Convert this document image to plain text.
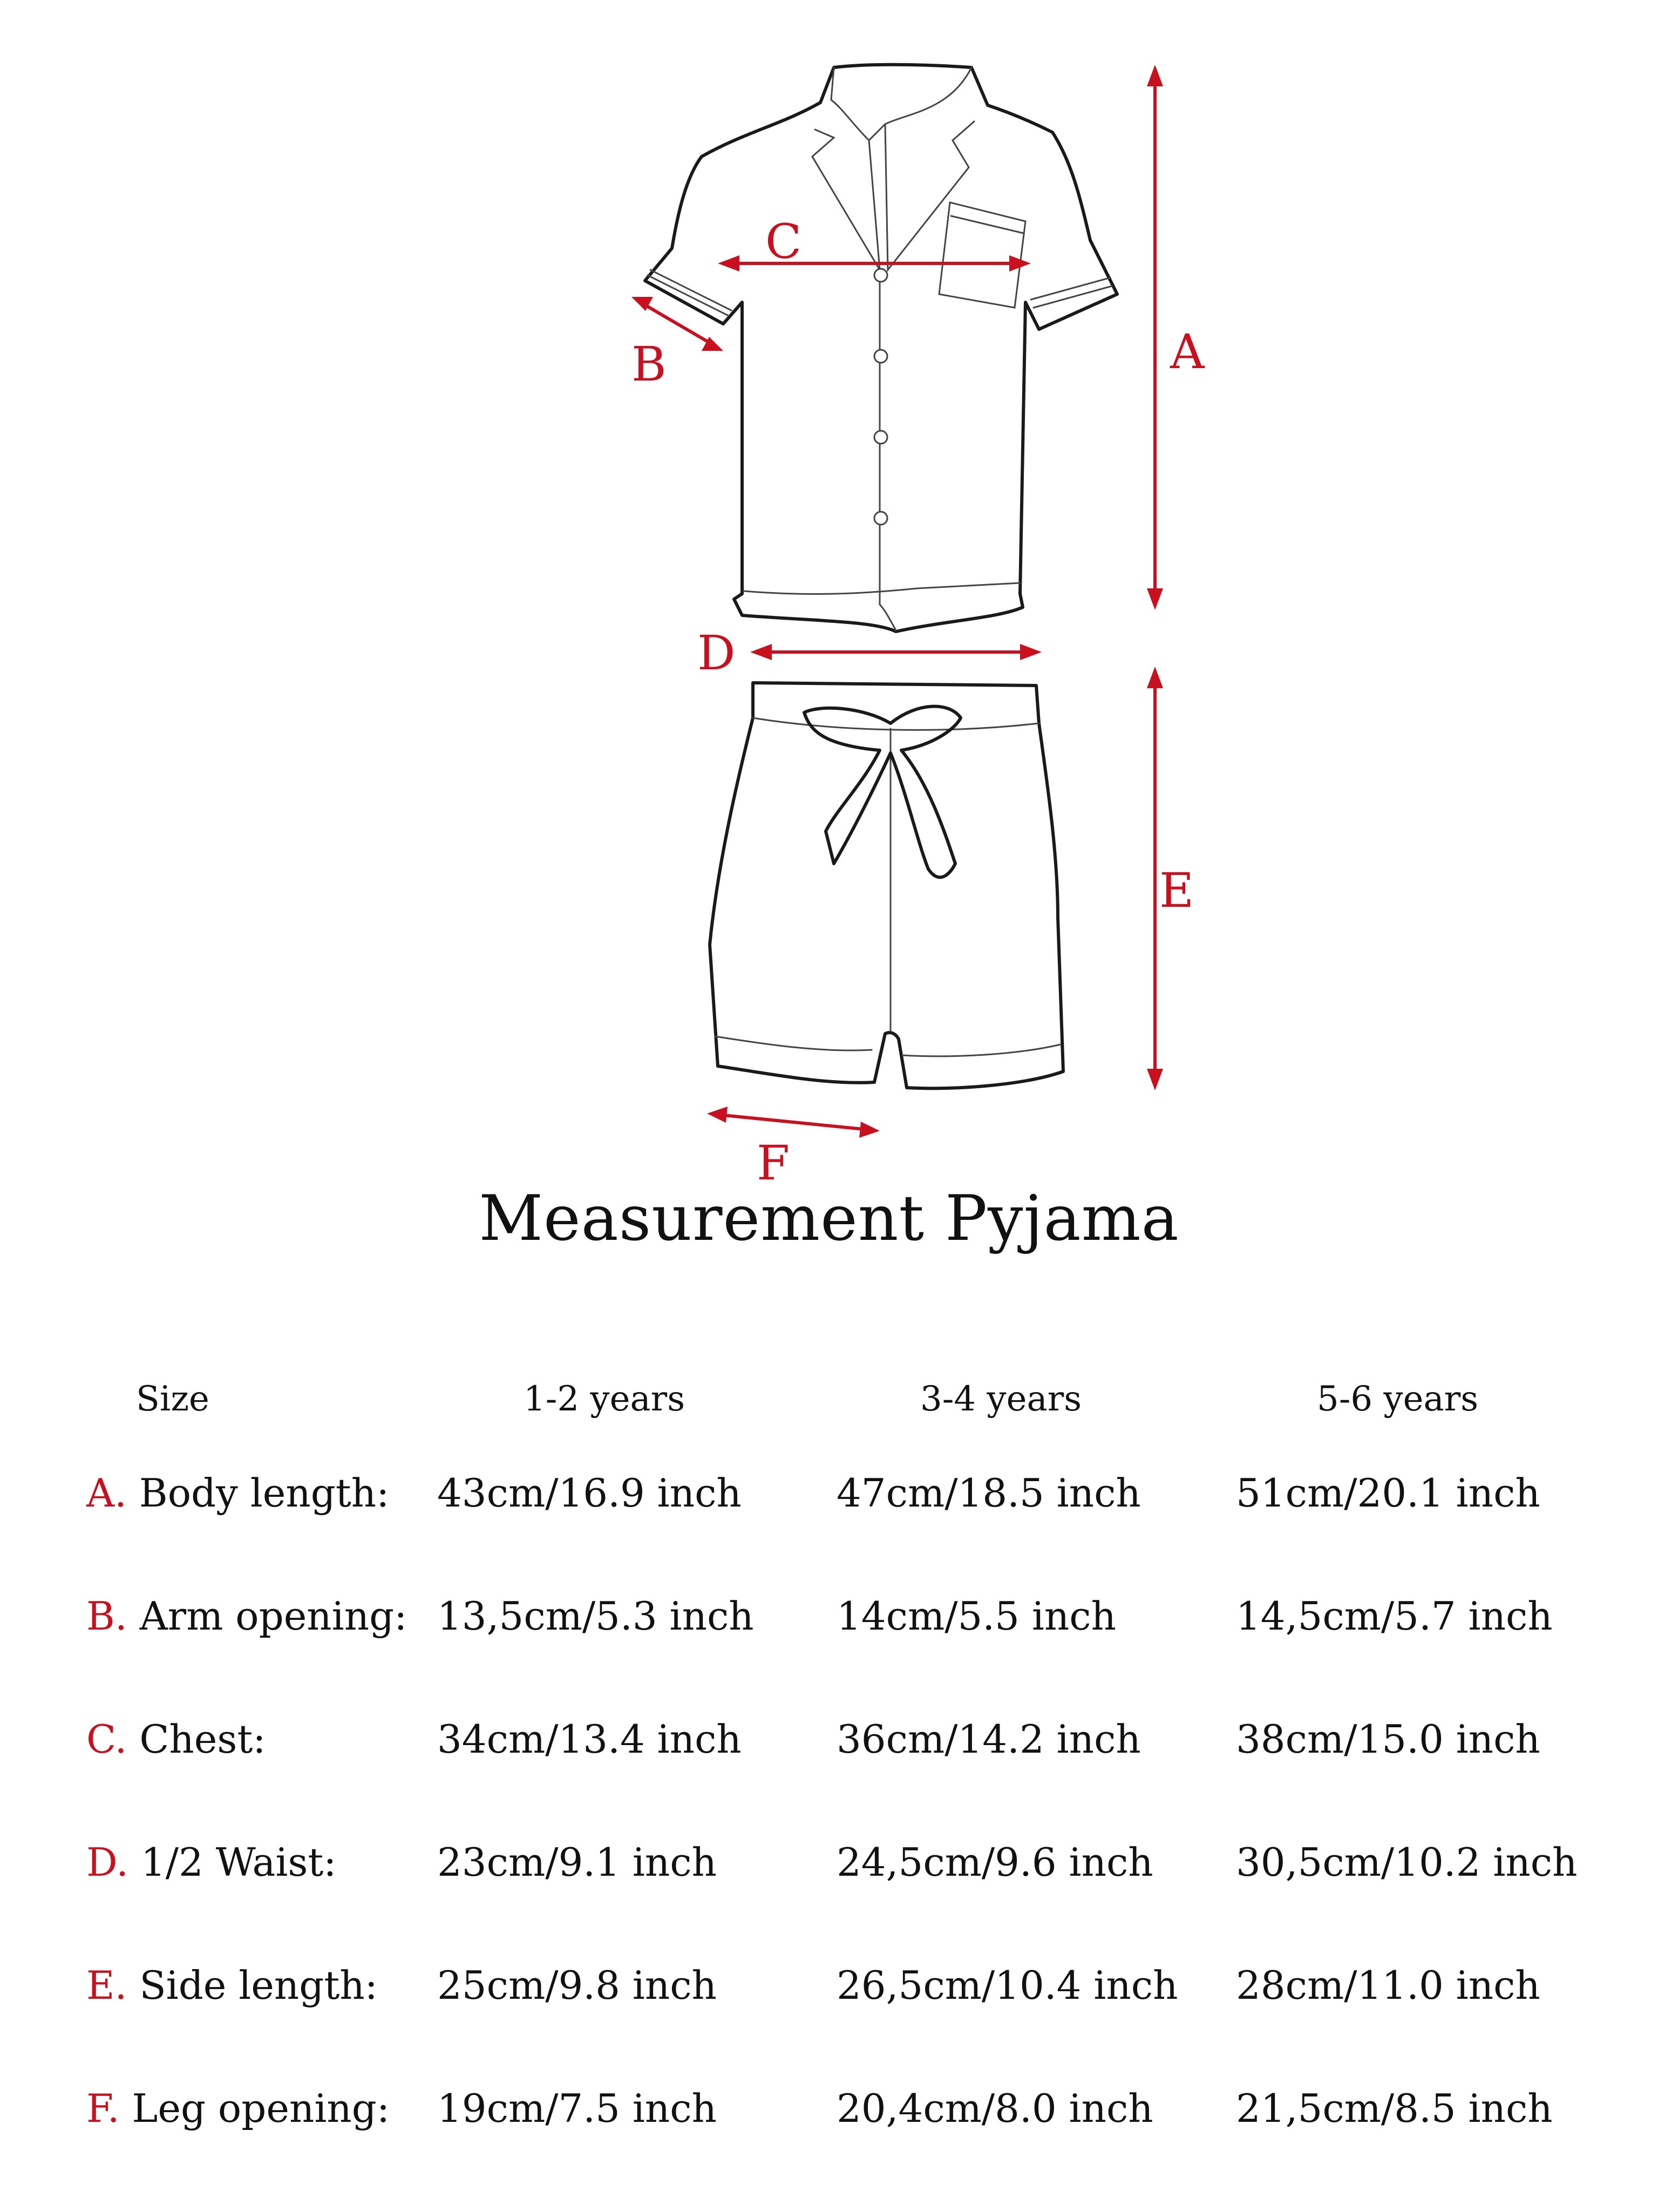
A
B
C
D
E
F
Measurement Pyjama
Size	1-2 years	3-4 years	5-6 years
A. Body length: 43cm/16.9 inch 47cm/18.5 inch 51cm/20.1 inch
B. Arm opening: 13,5cm/5.3 inch 14cm/5.5 inch	14,5cm/5.7 inch
C. Chest:	34cm/13.4 inch 36cm/14.2 inch 38cm/15.0 inch
D. 1/2 Waist:	23cm/9.1 inch	24,5cm/9.6 inch 30,5cm/10.2 inch
E. Side length: 25cm/9.8 inch	26,5cm/10.4 inch 28cm/11.0 inch
F. Leg opening: 19cm/7.5 inch	20,4cm/8.0 inch 21,5cm/8.5 inch
